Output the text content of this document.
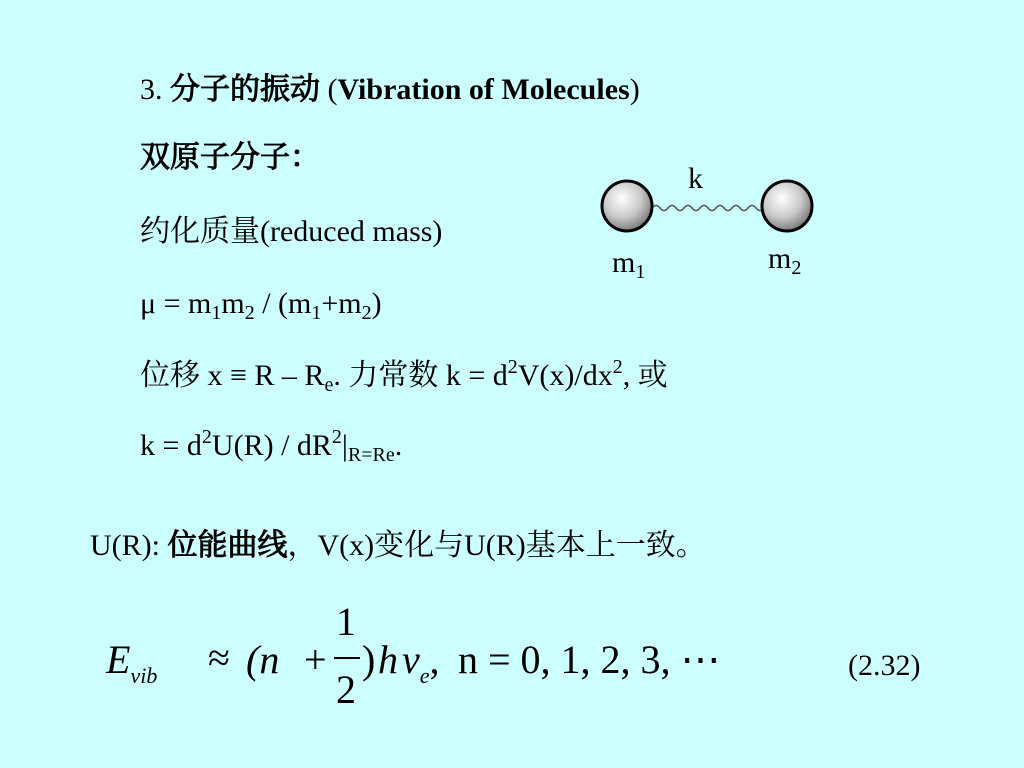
3. 分子的振动 (Vibration of Molecules)
双原子分子：
约化质量(reduced mass)
$\mu = m_1m_2 / (m_1+m_2)$
位移 $x \equiv R - R_e$. 力常数 $k = d^2V(x)/dx^2$, 或
$k = d^2U(R) / dR^2|_{R=Re}$.
U(R): 位能曲线，V(x)变化与U(R)基本上一致。
k
$m_1$	$m_2$
$E_{vib} \approx (n$ +
1
2
) h $\nu_e$, n = 0, 1, 2, 3, ⋯	(2.32)
